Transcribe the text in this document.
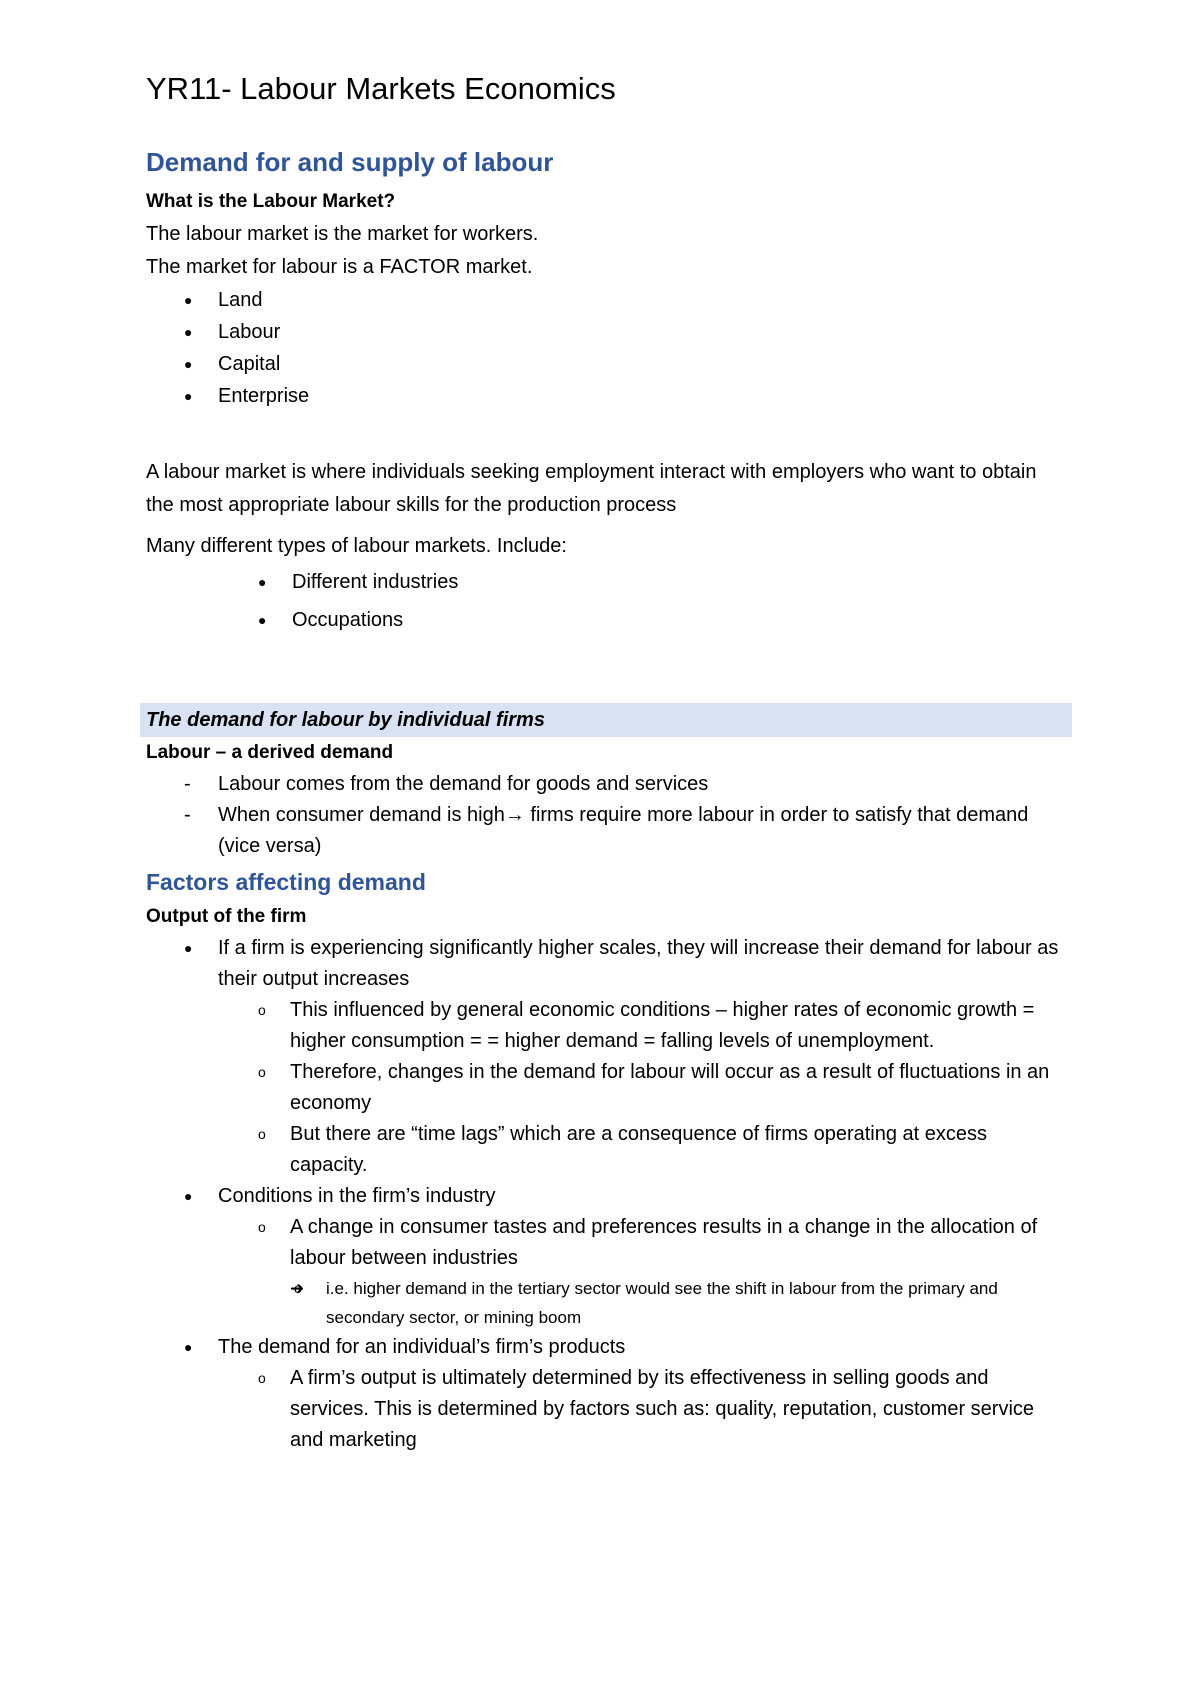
YR11- Labour Markets Economics
Demand for and supply of labour
What is the Labour Market?

The labour market is the market for workers.

The market for labour is a FACTOR market.

● Land
● Labour
● Capital
● Enterprise

A labour market is where individuals seeking employment interact with employers who want to obtain the most appropriate labour skills for the production process

Many different types of labour markets. Include:

● Different industries
● Occupations
The demand for labour by individual firms
Labour – a derived demand
- Labour comes from the demand for goods and services
- When consumer demand is high→ firms require more labour in order to satisfy that demand (vice versa)
Factors affecting demand
Output of the firm
● If a firm is experiencing significantly higher scales, they will increase their demand for labour as their output increases
o This influenced by general economic conditions – higher rates of economic growth = higher consumption = = higher demand = falling levels of unemployment.
o Therefore, changes in the demand for labour will occur as a result of fluctuations in an economy
o But there are “time lags” which are a consequence of firms operating at excess capacity.
● Conditions in the firm’s industry
o A change in consumer tastes and preferences results in a change in the allocation of labour between industries
o ➜ i.e. higher demand in the tertiary sector would see the shift in labour from the primary and secondary sector, or mining boom
● The demand for an individual’s firm’s products
o A firm’s output is ultimately determined by its effectiveness in selling goods and services. This is determined by factors such as: quality, reputation, customer service and marketing
